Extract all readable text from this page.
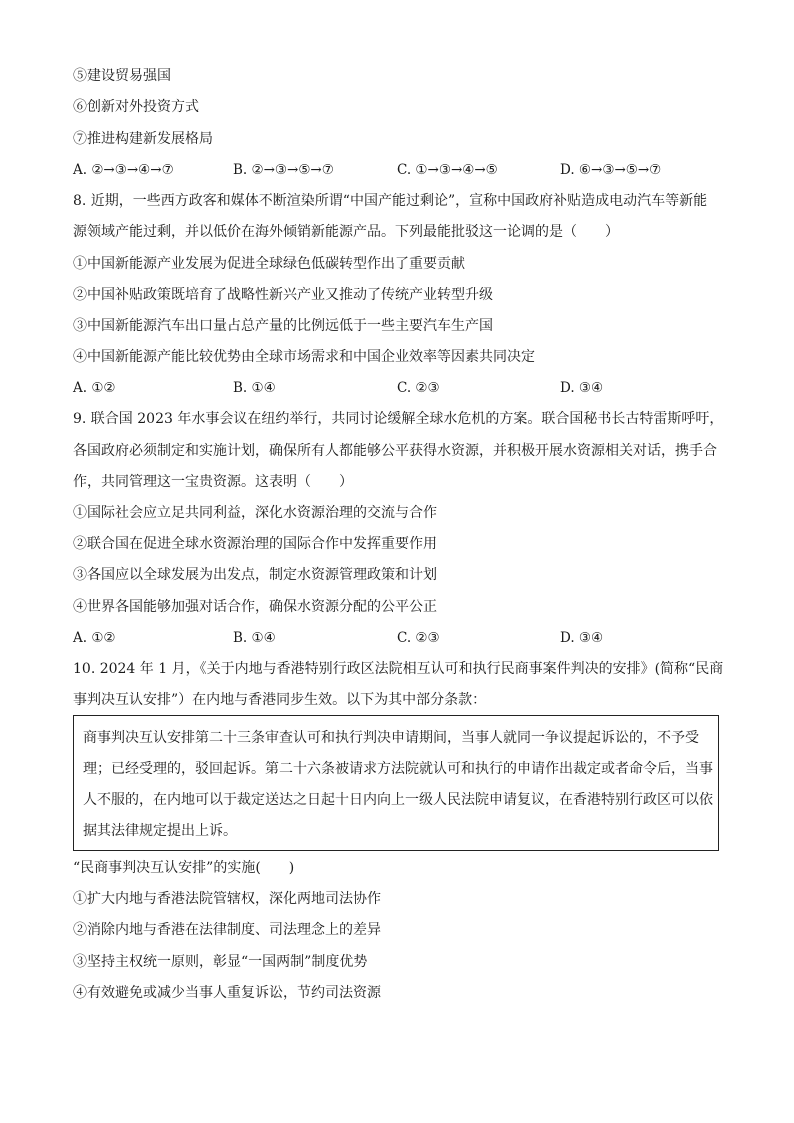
⑤建设贸易强国
⑥创新对外投资方式
⑦推进构建新发展格局
A. ②→③→④→⑦	B. ②→③→⑤→⑦	C. ①→③→④→⑤	D. ⑥→③→⑤→⑦
8. 近期，一些西方政客和媒体不断渲染所谓“中国产能过剩论”，宣称中国政府补贴造成电动汽车等新能
源领域产能过剩，并以低价在海外倾销新能源产品。下列最能批驳这一论调的是（　　）
①中国新能源产业发展为促进全球绿色低碳转型作出了重要贡献
②中国补贴政策既培育了战略性新兴产业又推动了传统产业转型升级
③中国新能源汽车出口量占总产量的比例远低于一些主要汽车生产国
④中国新能源产能比较优势由全球市场需求和中国企业效率等因素共同决定
A. ①②	B. ①④	C. ②③	D. ③④
9. 联合国 2023 年水事会议在纽约举行，共同讨论缓解全球水危机的方案。联合国秘书长古特雷斯呼吁，
各国政府必须制定和实施计划，确保所有人都能够公平获得水资源，并积极开展水资源相关对话，携手合
作，共同管理这一宝贵资源。这表明（　　）
①国际社会应立足共同利益，深化水资源治理的交流与合作
②联合国在促进全球水资源治理的国际合作中发挥重要作用
③各国应以全球发展为出发点，制定水资源管理政策和计划
④世界各国能够加强对话合作，确保水资源分配的公平公正
A. ①②	B. ①④	C. ②③	D. ③④
10. 2024 年 1 月，《关于内地与香港特别行政区法院相互认可和执行民商事案件判决的安排》(简称“民商
事判决互认安排”）在内地与香港同步生效。以下为其中部分条款：
商事判决互认安排第二十三条审查认可和执行判决申请期间，当事人就同一争议提起诉讼的，不予受
理；已经受理的，驳回起诉。第二十六条被请求方法院就认可和执行的申请作出裁定或者命令后，当事
人不服的，在内地可以于裁定送达之日起十日内向上一级人民法院申请复议，在香港特别行政区可以依
据其法律规定提出上诉。
“民商事判决互认安排”的实施(　　)
①扩大内地与香港法院管辖权，深化两地司法协作
②消除内地与香港在法律制度、司法理念上的差异
③坚持主权统一原则，彰显“一国两制”制度优势
④有效避免或减少当事人重复诉讼，节约司法资源
